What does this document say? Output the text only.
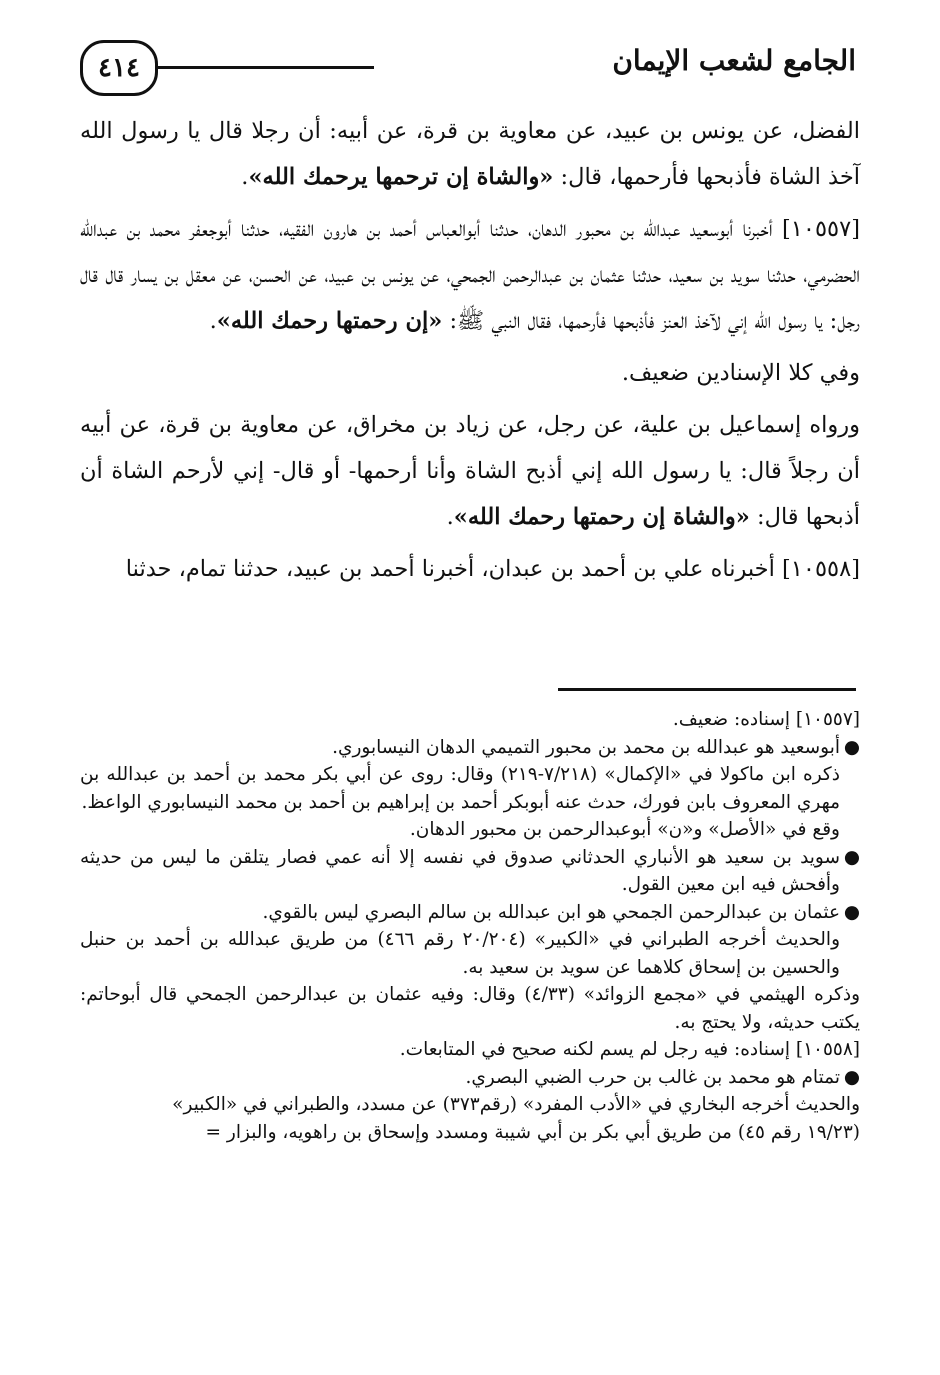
٤١٤	الجامع لشعب الإيمان

الفضل، عن يونس بن عبيد، عن معاوية بن قرة، عن أبيه: أن رجلا قال يا رسول الله آخذ الشاة فأذبحها فأرحمها، قال: «والشاة إن ترحمها يرحمك الله».

[١٠٥٥٧] أخبرنا أبوسعيد عبدالله بن محبور الدهان، حدثنا أبوالعباس أحمد بن هارون الفقيه، حدثنا أبوجعفر محمد بن عبدالله الحضرمي، حدثنا سويد بن سعيد، حدثنا عثمان بن عبدالرحمن الجمحي، عن يونس بن عبيد، عن الحسن، عن معقل بن يسار قال قال رجل: يا رسول الله إني لآخذ العنز فأذبحها فأرحمها، فقال النبي ﷺ: «إن رحمتها رحمك الله».

وفي كلا الإسنادين ضعيف.

ورواه إسماعيل بن علية، عن رجل، عن زياد بن مخراق، عن معاوية بن قرة، عن أبيه أن رجلاً قال: يا رسول الله إني أذبح الشاة وأنا أرحمها- أو قال- إني لأرحم الشاة أن أذبحها قال: «والشاة إن رحمتها رحمك الله».

[١٠٥٥٨] أخبرناه علي بن أحمد بن عبدان، أخبرنا أحمد بن عبيد، حدثنا تمام، حدثنا

[١٠٥٥٧] إسناده: ضعيف.

●أبوسعيد هو عبدالله بن محمد بن محبور التميمي الدهان النيسابوري.

ذكره ابن ماكولا في «الإكمال» (٧/٢١٨-٢١٩) وقال: روى عن أبي بكر محمد بن أحمد بن عبدالله بن مهري المعروف بابن فورك، حدث عنه أبوبكر أحمد بن إبراهيم بن أحمد بن محمد النيسابوري الواعظ.

وقع في «الأصل» و«ن» أبوعبدالرحمن بن محبور الدهان.

●سويد بن سعيد هو الأنباري الحدثاني صدوق في نفسه إلا أنه عمي فصار يتلقن ما ليس من حديثه وأفحش فيه ابن معين القول.

●عثمان بن عبدالرحمن الجمحي هو ابن عبدالله بن سالم البصري ليس بالقوي.

والحديث أخرجه الطبراني في «الكبير» (٢٠/٢٠٤ رقم ٤٦٦) من طريق عبدالله بن أحمد بن حنبل والحسين بن إسحاق كلاهما عن سويد بن سعيد به.

وذكره الهيثمي في «مجمع الزوائد» (٤/٣٣) وقال: وفيه عثمان بن عبدالرحمن الجمحي قال أبوحاتم: يكتب حديثه، ولا يحتج به.

[١٠٥٥٨] إسناده: فيه رجل لم يسم لكنه صحيح في المتابعات.

●تمتام هو محمد بن غالب بن حرب الضبي البصري.

والحديث أخرجه البخاري في «الأدب المفرد» (رقم٣٧٣) عن مسدد، والطبراني في «الكبير»

(١٩/٢٣ رقم ٤٥) من طريق أبي بكر بن أبي شيبة ومسدد وإسحاق بن راهويه، والبزار =
